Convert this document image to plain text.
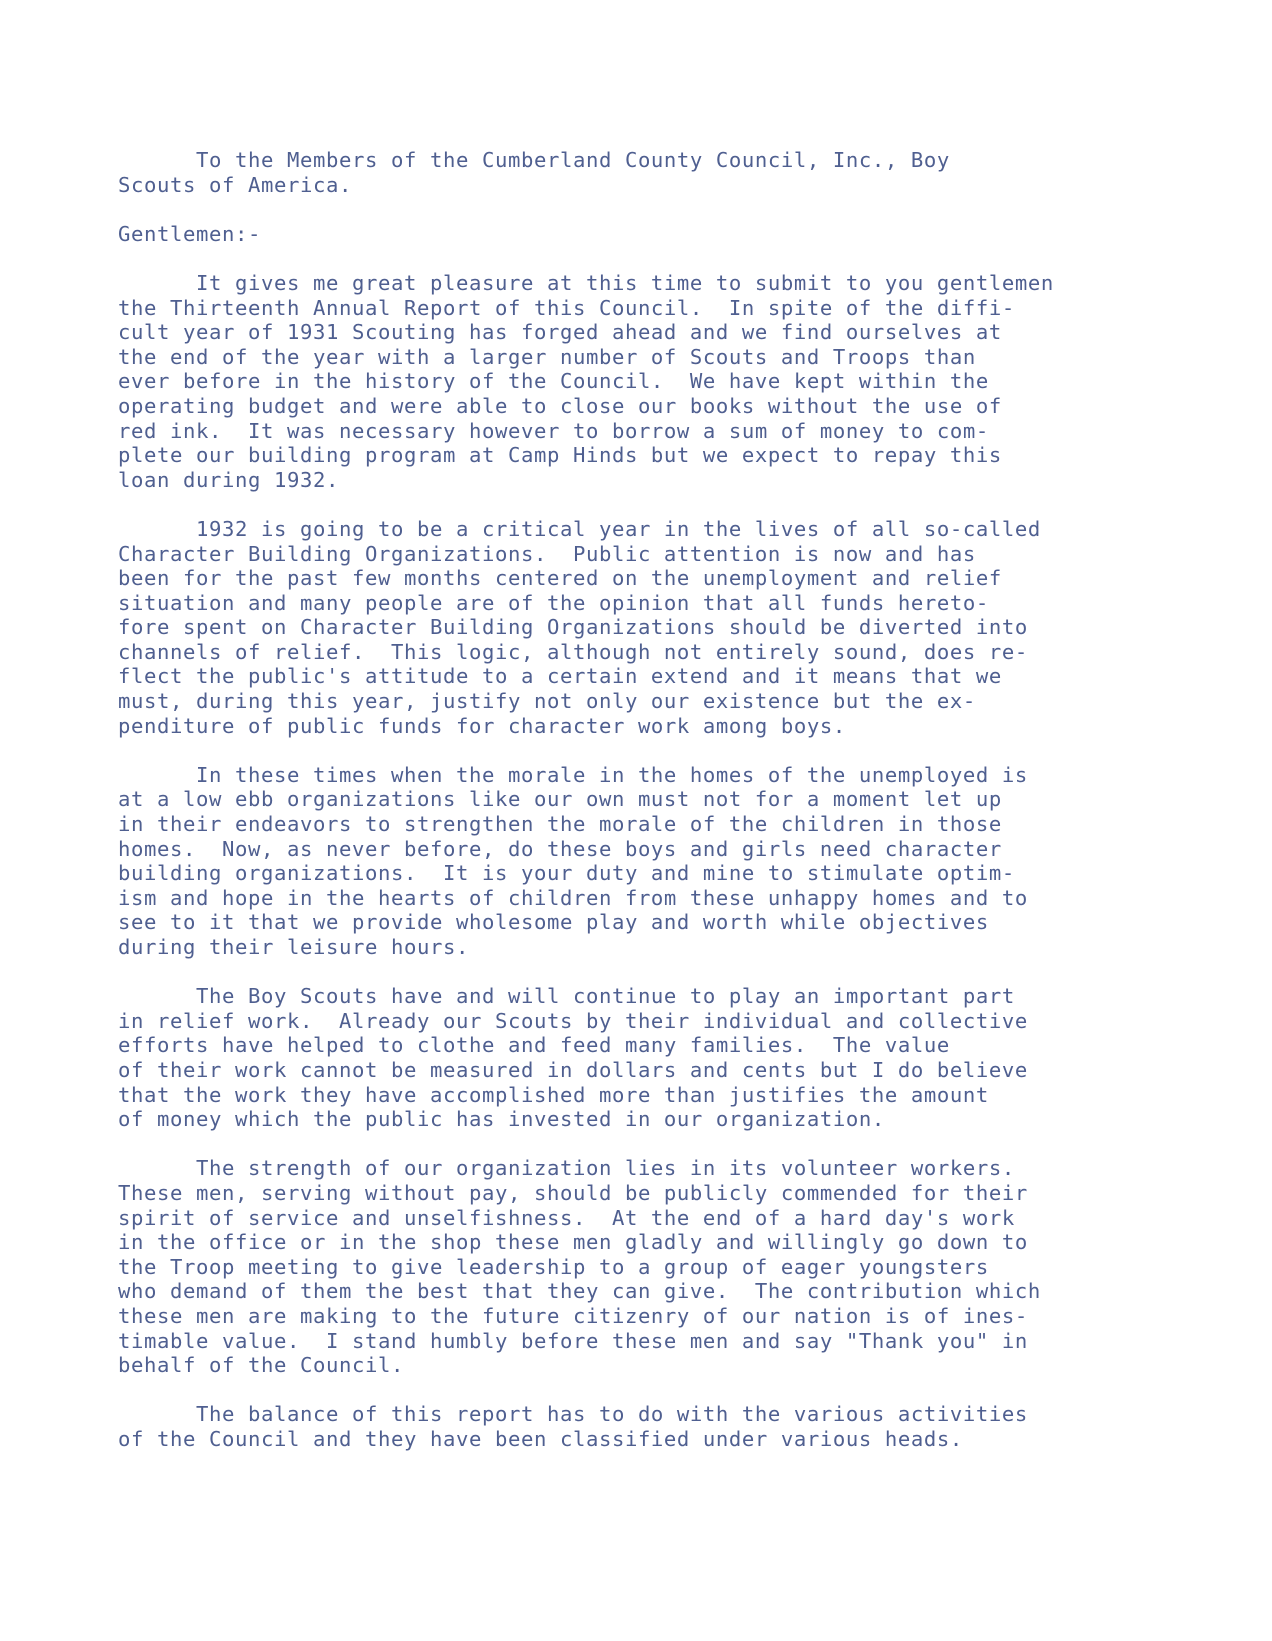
To the Members of the Cumberland County Council, Inc., Boy
Scouts of America.
Gentlemen:-
It gives me great pleasure at this time to submit to you gentlemen
the Thirteenth Annual Report of this Council.  In spite of the diffi-
cult year of 1931 Scouting has forged ahead and we find ourselves at
the end of the year with a larger number of Scouts and Troops than
ever before in the history of the Council.  We have kept within the
operating budget and were able to close our books without the use of
red ink.  It was necessary however to borrow a sum of money to com-
plete our building program at Camp Hinds but we expect to repay this
loan during 1932.
1932 is going to be a critical year in the lives of all so-called
Character Building Organizations.  Public attention is now and has
been for the past few months centered on the unemployment and relief
situation and many people are of the opinion that all funds hereto-
fore spent on Character Building Organizations should be diverted into
channels of relief.  This logic, although not entirely sound, does re-
flect the public's attitude to a certain extend and it means that we
must, during this year, justify not only our existence but the ex-
penditure of public funds for character work among boys.
In these times when the morale in the homes of the unemployed is
at a low ebb organizations like our own must not for a moment let up
in their endeavors to strengthen the morale of the children in those
homes.  Now, as never before, do these boys and girls need character
building organizations.  It is your duty and mine to stimulate optim-
ism and hope in the hearts of children from these unhappy homes and to
see to it that we provide wholesome play and worth while objectives
during their leisure hours.
The Boy Scouts have and will continue to play an important part
in relief work.  Already our Scouts by their individual and collective
efforts have helped to clothe and feed many families.  The value
of their work cannot be measured in dollars and cents but I do believe
that the work they have accomplished more than justifies the amount
of money which the public has invested in our organization.
The strength of our organization lies in its volunteer workers.
These men, serving without pay, should be publicly commended for their
spirit of service and unselfishness.  At the end of a hard day's work
in the office or in the shop these men gladly and willingly go down to
the Troop meeting to give leadership to a group of eager youngsters
who demand of them the best that they can give.  The contribution which
these men are making to the future citizenry of our nation is of ines-
timable value.  I stand humbly before these men and say "Thank you" in
behalf of the Council.
The balance of this report has to do with the various activities
of the Council and they have been classified under various heads.
